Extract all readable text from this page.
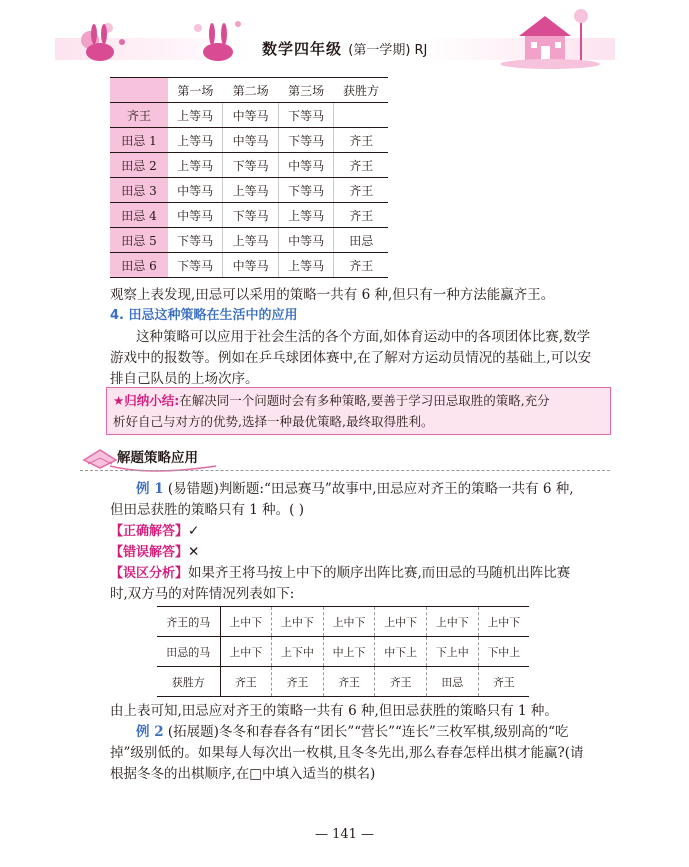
数学四年级 (第一学期) RJ
	第一场	第二场	第三场	获胜方
齐王	上等马	中等马	下等马	
田忌 1	上等马	中等马	下等马	齐王
田忌 2	上等马	下等马	中等马	齐王
田忌 3	中等马	上等马	下等马	齐王
田忌 4	中等马	下等马	上等马	齐王
田忌 5	下等马	上等马	中等马	田忌
田忌 6	下等马	中等马	上等马	齐王
观察上表发现,田忌可以采用的策略一共有 6 种,但只有一种方法能赢齐王。
4. 田忌这种策略在生活中的应用
这种策略可以应用于社会生活的各个方面,如体育运动中的各项团体比赛,数学
游戏中的报数等。例如在乒乓球团体赛中,在了解对方运动员情况的基础上,可以安
排自己队员的上场次序。
★归纳小结:在解决同一个问题时会有多种策略,要善于学习田忌取胜的策略,充分
析好自己与对方的优势,选择一种最优策略,最终取得胜利。
解题策略应用
例 1 (易错题)判断题:“田忌赛马”故事中,田忌应对齐王的策略一共有 6 种,
但田忌获胜的策略只有 1 种。( )
【正确解答】✓
【错误解答】✕
【误区分析】如果齐王将马按上中下的顺序出阵比赛,而田忌的马随机出阵比赛
时,双方马的对阵情况列表如下:
齐王的马	上中下	上中下	上中下	上中下	上中下	上中下
田忌的马	上中下	上下中	中上下	中下上	下上中	下中上
获胜方	齐王	齐王	齐王	齐王	田忌	齐王
由上表可知,田忌应对齐王的策略一共有 6 种,但田忌获胜的策略只有 1 种。
例 2 (拓展题)冬冬和春春各有“团长”“营长”“连长”三枚军棋,级别高的“吃
掉”级别低的。如果每人每次出一枚棋,且冬冬先出,那么春春怎样出棋才能赢?(请
根据冬冬的出棋顺序,在□中填入适当的棋名)
— 141 —
